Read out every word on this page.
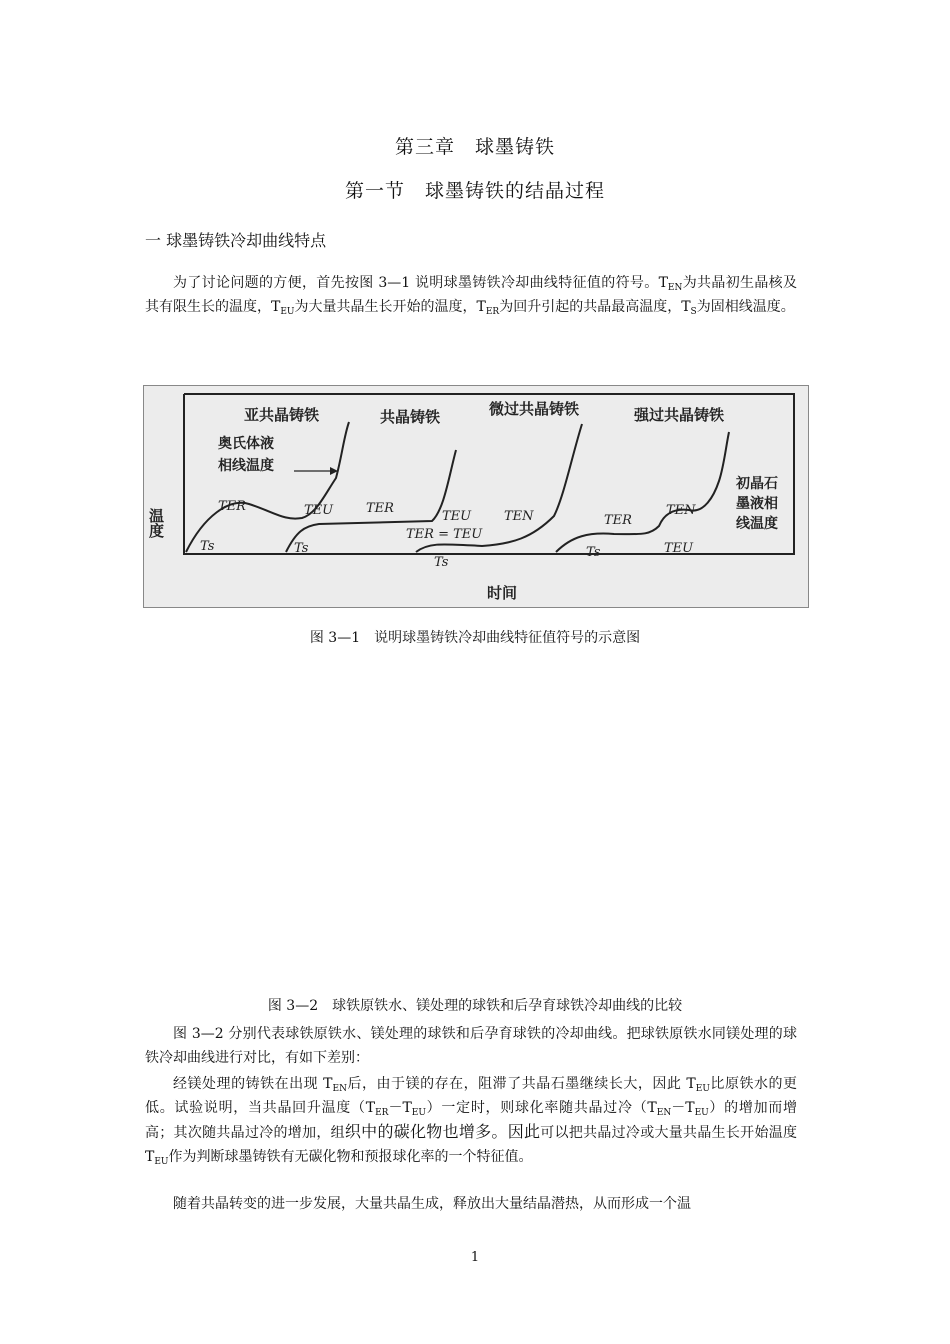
第三章　球墨铸铁
第一节　球墨铸铁的结晶过程
一 球墨铸铁冷却曲线特点
为了讨论问题的方便，首先按图 3—1 说明球墨铸铁冷却曲线特征值的符号。$T_{EN}$为共晶初生晶核及其有限生长的温度，$T_{EU}$为大量共晶生长开始的温度，$T_{ER}$为回升引起的共晶最高温度，$T_S$为固相线温度。
温度
时间
亚共晶铸铁	共晶铸铁	微过共晶铸铁	强过共晶铸铁
奥氏体液
相线温度
初晶石
墨液相
线温度
TER	TEU
Ts	Ts
TER
TEU
TER = TEU
Ts
TEN	TER
TEN
Ts	TEU
图 3—1　说明球墨铸铁冷却曲线特征值符号的示意图
图 3—2　球铁原铁水、镁处理的球铁和后孕育球铁冷却曲线的比较
图 3—2 分别代表球铁原铁水、镁处理的球铁和后孕育球铁的冷却曲线。把球铁原铁水同镁处理的球铁冷却曲线进行对比，有如下差别：
经镁处理的铸铁在出现 $T_{EN}$后，由于镁的存在，阻滞了共晶石墨继续长大，因此 $T_{EU}$比原铁水的更低。试验说明，当共晶回升温度$(T_{ER}-T_{EU})$一定时，则球化率随共晶过冷$(T_{EN}-T_{EU})$的增加而增高；其次随共晶过冷的增加，组织中的碳化物也增多。因此可以把共晶过冷或大量共晶生长开始温度 $T_{EU}$作为判断球墨铸铁有无碳化物和预报球化率的一个特征值。
随着共晶转变的进一步发展，大量共晶生成，释放出大量结晶潜热，从而形成一个温
1
